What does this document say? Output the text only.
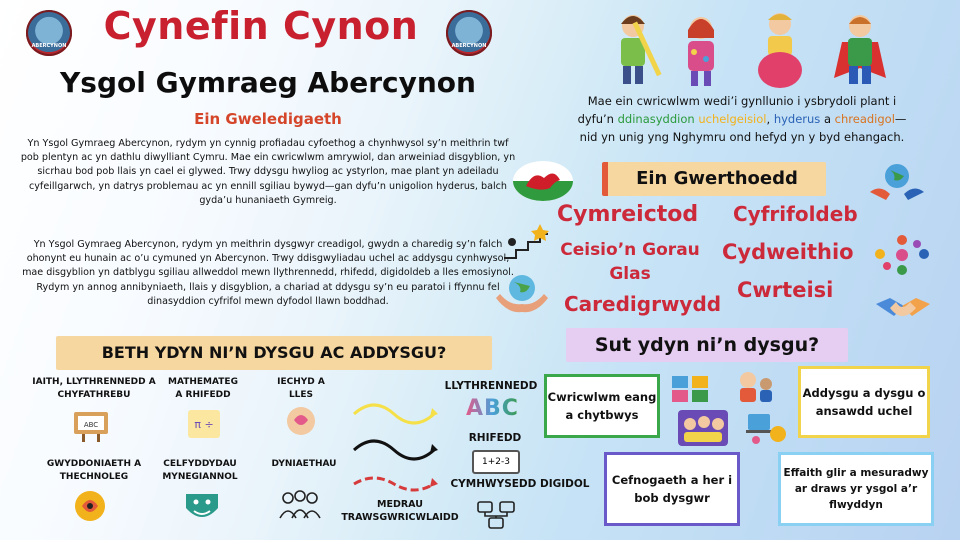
ABERCYNON	ABERCYNON
Cynefin Cynon
Ysgol Gymraeg Abercynon
Ein Gweledigaeth
Yn Ysgol Gymraeg Abercynon, rydym yn cynnig profiadau cyfoethog a chynhwysol sy’n meithrin twf pob plentyn ac yn dathlu diwylliant Cymru. Mae ein cwricwlwm amrywiol, dan arweiniad disgyblion, yn sicrhau bod pob llais yn cael ei glywed. Trwy ddysgu hwyliog ac ystyrlon, mae plant yn adeiladu cyfeillgarwch, yn datrys problemau ac yn ennill sgiliau bywyd—gan dyfu’n unigolion hyderus, balch gyda’u hunaniaeth Gymreig.
Yn Ysgol Gymraeg Abercynon, rydym yn meithrin dysgwyr creadigol, gwydn a charedig sy’n falch ohonynt eu hunain ac o’u cymuned yn Abercynon. Trwy ddisgwyliadau uchel ac addysgu cynhwysol, mae disgyblion yn datblygu sgiliau allweddol mewn llythrennedd, rhifedd, digidoldeb a lles emosiynol. Rydym yn annog annibyniaeth, llais y disgyblion, a chariad at ddysgu sy’n eu paratoi i ffynnu fel dinasyddion cyfrifol mewn dyfodol llawn boddhad.
Mae ein cwricwlwm wedi’i gynllunio i ysbrydoli plant i
dyfu’n ddinasyddion uchelgeisiol, hyderus a chreadigol—
nid yn unig yng Nghymru ond hefyd yn y byd ehangach.
Ein Gwerthoedd
Cymreictod Cyfrifoldeb
Ceisio’n Gorau Glas
Cydweithio
Caredigrwydd
Cwrteisi
BETH YDYN NI’N DYSGU AC ADDYSGU?
IAITH, LLYTHRENNEDD A CHYFATHREBU
MATHEMATEG A RHIFEDD
IECHYD A LLES
ABC	π ÷
GWYDDONIAETH A THECHNOLEG
CELFYDDYDAU MYNEGIANNOL
DYNIAETHAU
LLYTHRENNEDD
ABC
RHIFEDD
1+2-3
CYMHWYSEDD DIGIDOL
MEDRAU TRAWSGWRICWLAIDD
Sut ydyn ni’n dysgu?
Cwricwlwm eang a chytbwys
Addysgu a dysgu o ansawdd uchel
Cefnogaeth a her i bob dysgwr
Effaith glir a mesuradwy ar draws yr ysgol a’r flwyddyn
